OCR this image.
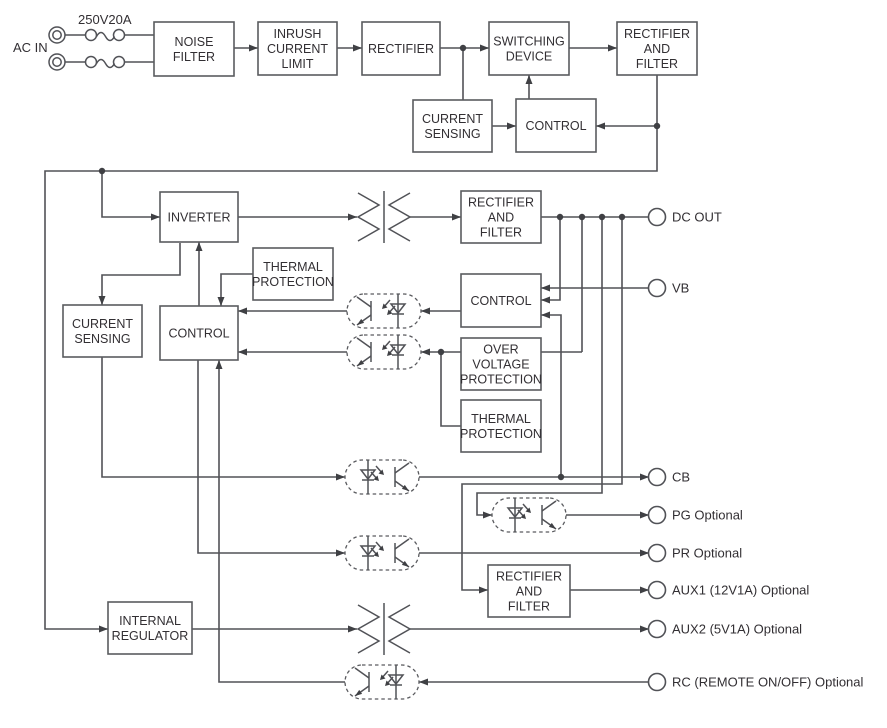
AC IN
250V20A
NOISE
FILTER
INRUSH
CURRENT
LIMIT
RECTIFIER
SWITCHING
DEVICE
RECTIFIER
AND
FILTER
CURRENT
SENSING
CONTROL
INVERTER
RECTIFIER
AND
FILTER
THERMAL
PROTECTION
CURRENT
SENSING	CONTROL
CONTROL
OVER
VOLTAGE
PROTECTION
THERMAL
PROTECTION
RECTIFIER
AND
FILTER
INTERNAL
REGULATOR
DC OUT
VB
CB
PG Optional
PR Optional
AUX1 (12V1A) Optional
AUX2 (5V1A) Optional
RC (REMOTE ON/OFF) Optional
